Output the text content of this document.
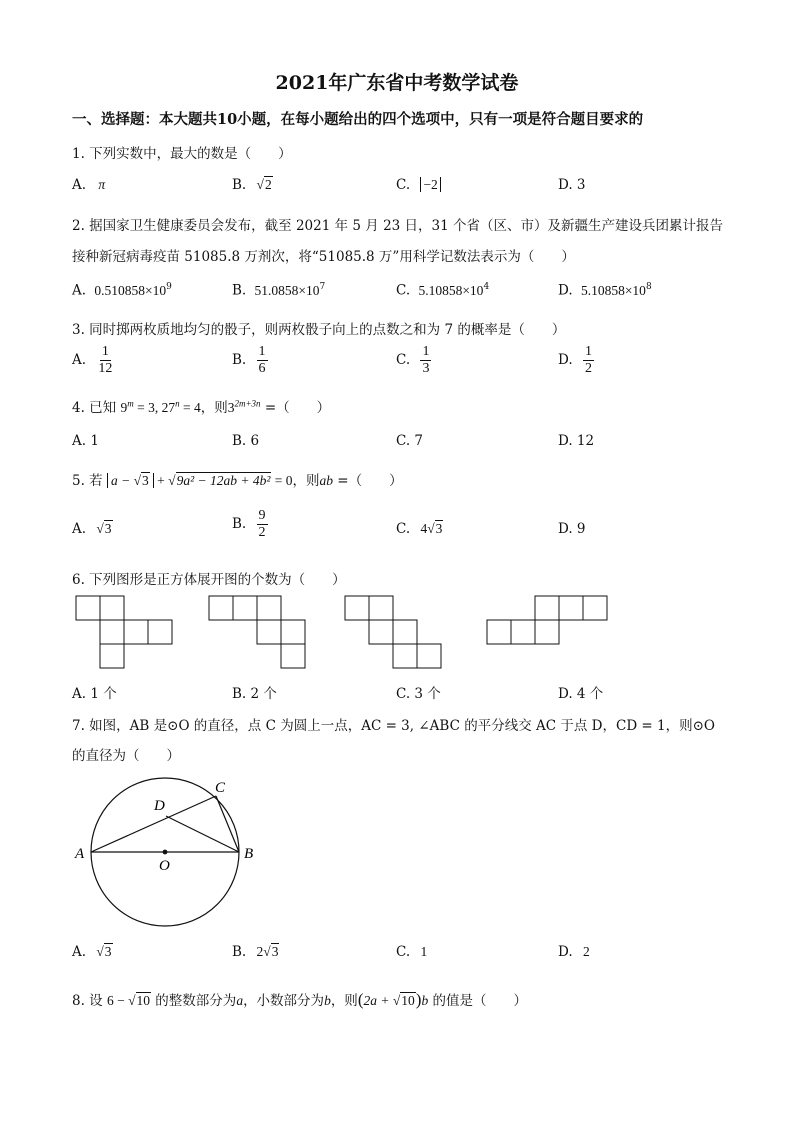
2021年广东省中考数学试卷
一、选择题：本大题共10小题，在每小题给出的四个选项中，只有一项是符合题目要求的
1. 下列实数中，最大的数是（　　）
A. π	B. √2	C. −2	D. 3
2. 据国家卫生健康委员会发布，截至 2021 年 5 月 23 日，31 个省（区、市）及新疆生产建设兵团累计报告
接种新冠病毒疫苗 51085.8 万剂次，将“51085.8 万”用科学记数法表示为（　　）
A. $0.510858\times 10^9$	B. $51.0858\times 10^7$	C. $5.10858\times 10^4$	D. $5.10858\times 10^8$
3. 同时掷两枚质地均匀的骰子，则两枚骰子向上的点数之和为 7 的概率是（　　）
A. $\frac{1}{12}$	B. $\frac{1}{6}$	C. $\frac{1}{3}$	D. $\frac{1}{2}$
4. 已知 $9^m = 3$, $27^n = 4$，则$3^{2m+3n}$ =（　　）
A. 1	B. 6	C. 7	D. 12
5. 若 a − √3 + √9a² − 12ab + 4b² = 0，则ab =（　　）
A. √3	B. $\frac{9}{2}$	C. 4√3	D. 9
6. 下列图形是正方体展开图的个数为（　　）
A. 1 个	B. 2 个	C. 3 个	D. 4 个
7. 如图，AB 是⊙O 的直径，点 C 为圆上一点，AC = 3, ∠ABC 的平分线交 AC 于点 D，CD = 1，则⊙O
的直径为（　　）
A	B
C
D
O
A. √3	B. 2√3	C. 1	D. 2
8. 设 6 − √10 的整数部分为a，小数部分为b，则(2a + √10)b 的值是（　　）
